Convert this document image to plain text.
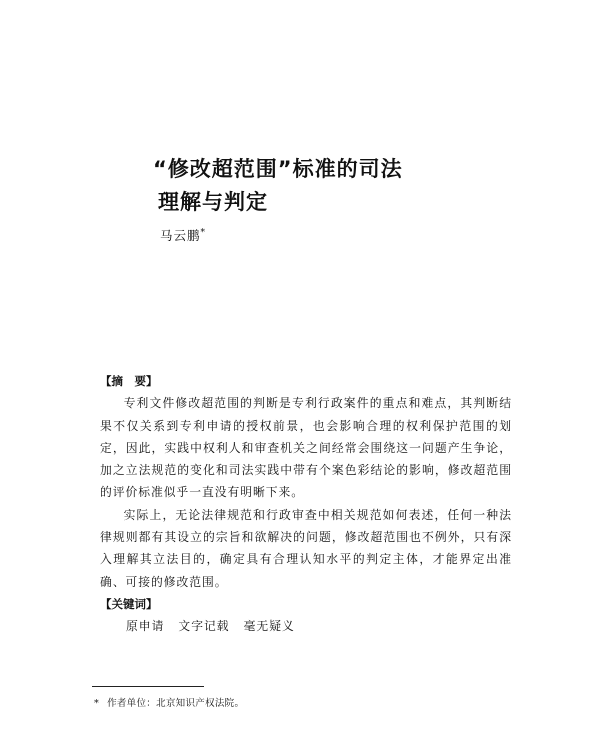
“修改超范围”标准的司法
理解与判定
马云鹏*
【摘　要】

专利文件修改超范围的判断是专利行政案件的重点和难点，其判断结果不仅关系到专利申请的授权前景，也会影响合理的权利保护范围的划定，因此，实践中权利人和审查机关之间经常会围绕这一问题产生争论，加之立法规范的变化和司法实践中带有个案色彩结论的影响，修改超范围的评价标准似乎一直没有明晰下来。

实际上，无论法律规范和行政审查中相关规范如何表述，任何一种法律规则都有其设立的宗旨和欲解决的问题，修改超范围也不例外，只有深入理解其立法目的，确定具有合理认知水平的判定主体，才能界定出准确、可接的修改范围。

【关键词】

原申请 文字记载 毫无疑义

* 作者单位：北京知识产权法院。
